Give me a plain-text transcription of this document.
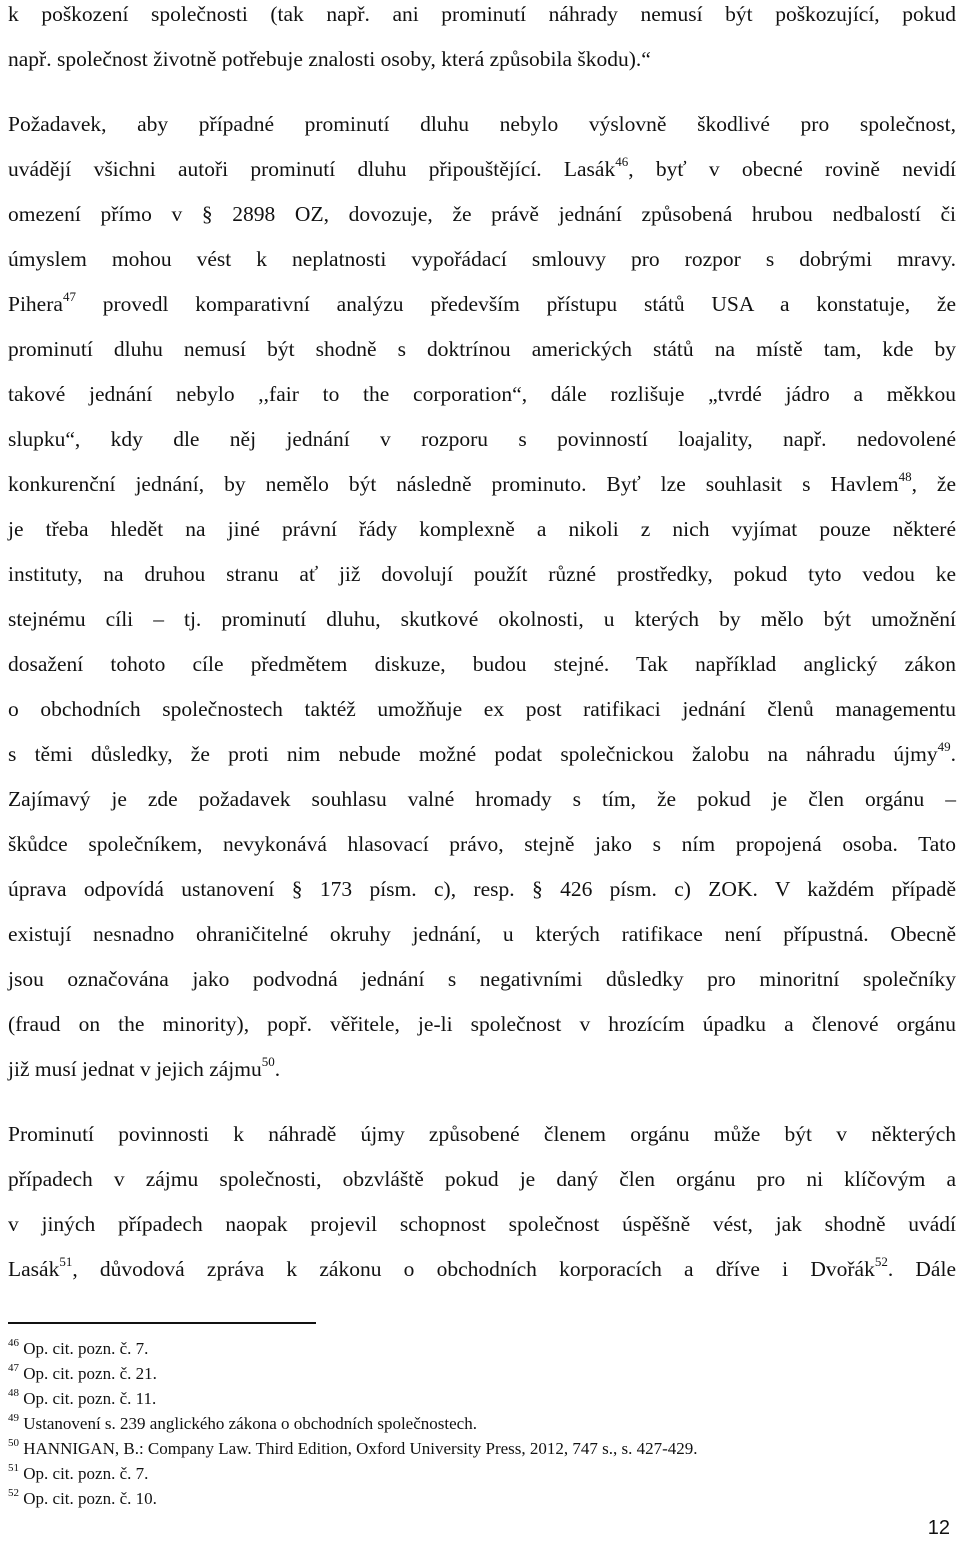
k poškození společnosti (tak např. ani prominutí náhrady nemusí být poškozující, pokud
např. společnost životně potřebuje znalosti osoby, která způsobila škodu).“
Požadavek, aby případné prominutí dluhu nebylo výslovně škodlivé pro společnost,
uvádějí všichni autoři prominutí dluhu připouštějící. Lasák$^{46}$, byť v obecné rovině nevidí
omezení přímo v § 2898 OZ, dovozuje, že právě jednání způsobená hrubou nedbalostí či
úmyslem mohou vést k neplatnosti vypořádací smlouvy pro rozpor s dobrými mravy.
Pihera$^{47}$ provedl komparativní analýzu především přístupu států USA a konstatuje, že
prominutí dluhu nemusí být shodně s doktrínou amerických států na místě tam, kde by
takové jednání nebylo ,,fair to the corporation“, dále rozlišuje „tvrdé jádro a měkkou
slupku“, kdy dle něj jednání v rozporu s povinností loajality, např. nedovolené
konkurenční jednání, by nemělo být následně prominuto. Byť lze souhlasit s Havlem$^{48}$, že
je třeba hledět na jiné právní řády komplexně a nikoli z nich vyjímat pouze některé
instituty, na druhou stranu ať již dovolují použít různé prostředky, pokud tyto vedou ke
stejnému cíli – tj. prominutí dluhu, skutkové okolnosti, u kterých by mělo být umožnění
dosažení tohoto cíle předmětem diskuze, budou stejné. Tak například anglický zákon
o obchodních společnostech taktéž umožňuje ex post ratifikaci jednání členů managementu
s těmi důsledky, že proti nim nebude možné podat společnickou žalobu na náhradu újmy$^{49}$.
Zajímavý je zde požadavek souhlasu valné hromady s tím, že pokud je člen orgánu –
škůdce společníkem, nevykonává hlasovací právo, stejně jako s ním propojená osoba. Tato
úprava odpovídá ustanovení § 173 písm. c), resp. § 426 písm. c) ZOK. V každém případě
existují nesnadno ohraničitelné okruhy jednání, u kterých ratifikace není přípustná. Obecně
jsou označována jako podvodná jednání s negativními důsledky pro minoritní společníky
(fraud on the minority), popř. věřitele, je-li společnost v hrozícím úpadku a členové orgánu
již musí jednat v jejich zájmu$^{50}$.
Prominutí povinnosti k náhradě újmy způsobené členem orgánu může být v některých
případech v zájmu společnosti, obzvláště pokud je daný člen orgánu pro ni klíčovým a
v jiných případech naopak projevil schopnost společnost úspěšně vést, jak shodně uvádí
Lasák$^{51}$, důvodová zpráva k zákonu o obchodních korporacích a dříve i Dvořák$^{52}$. Dále
$^{46}$ Op. cit. pozn. č. 7.
$^{47}$ Op. cit. pozn. č. 21.
$^{48}$ Op. cit. pozn. č. 11.
$^{49}$ Ustanovení s. 239 anglického zákona o obchodních společnostech.
$^{50}$ HANNIGAN, B.: Company Law. Third Edition, Oxford University Press, 2012, 747 s., s. 427-429.
$^{51}$ Op. cit. pozn. č. 7.
$^{52}$ Op. cit. pozn. č. 10.
12
